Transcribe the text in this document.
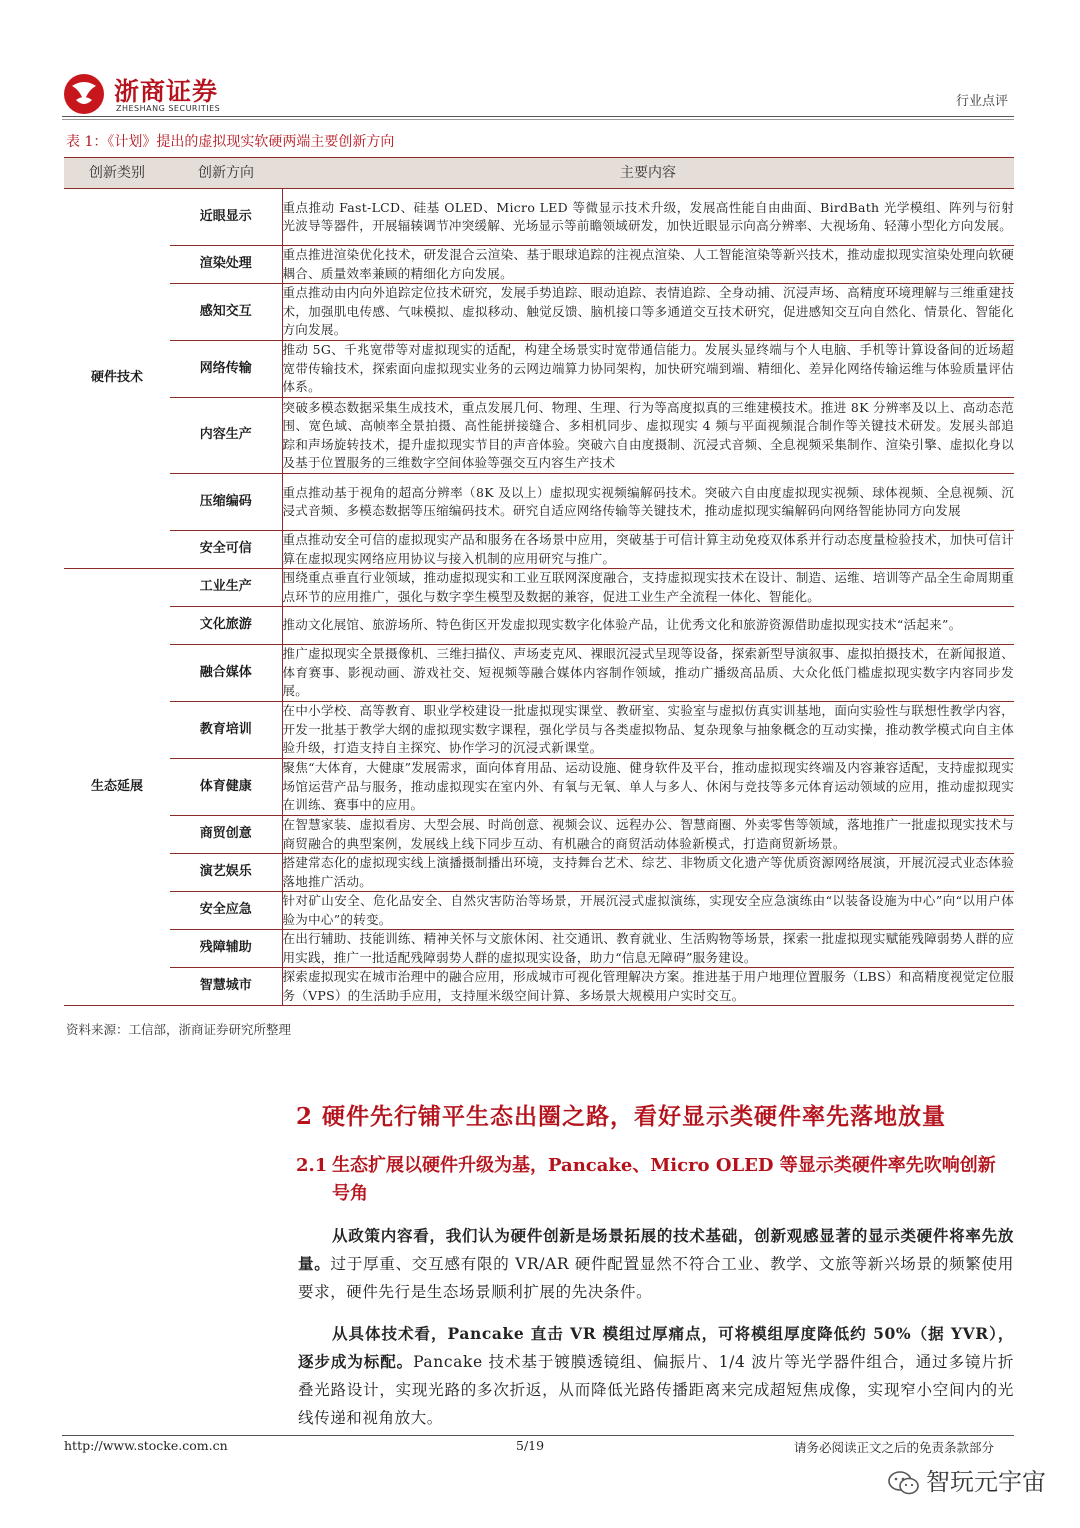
浙商证券
ZHESHANG SECURITIES	行业点评
表 1：《计划》提出的虚拟现实软硬两端主要创新方向
创新类别	创新方向	主要内容
硬件技术	近眼显示	重点推动 Fast-LCD、硅基 OLED、Micro LED 等微显示技术升级，发展高性能自由曲面、BirdBath 光学模组、阵列与衍射光波导等器件，开展辐辏调节冲突缓解、光场显示等前瞻领域研发，加快近眼显示向高分辨率、大视场角、轻薄小型化方向发展。
	渲染处理	重点推进渲染优化技术，研发混合云渲染、基于眼球追踪的注视点渲染、人工智能渲染等新兴技术，推动虚拟现实渲染处理向软硬耦合、质量效率兼顾的精细化方向发展。
	感知交互	重点推动由内向外追踪定位技术研究，发展手势追踪、眼动追踪、表情追踪、全身动捕、沉浸声场、高精度环境理解与三维重建技术，加强肌电传感、气味模拟、虚拟移动、触觉反馈、脑机接口等多通道交互技术研究，促进感知交互向自然化、情景化、智能化方向发展。
	网络传输	推动 5G、千兆宽带等对虚拟现实的适配，构建全场景实时宽带通信能力。发展头显终端与个人电脑、手机等计算设备间的近场超宽带传输技术，探索面向虚拟现实业务的云网边端算力协同架构，加快研究端到端、精细化、差异化网络传输运维与体验质量评估体系。
	内容生产	突破多模态数据采集生成技术，重点发展几何、物理、生理、行为等高度拟真的三维建模技术。推进 8K 分辨率及以上、高动态范围、宽色域、高帧率全景拍摄、高性能拼接缝合、多相机同步、虚拟现实 4 频与平面视频混合制作等关键技术研发。发展头部追踪和声场旋转技术，提升虚拟现实节目的声音体验。突破六自由度摄制、沉浸式音频、全息视频采集制作、渲染引擎、虚拟化身以及基于位置服务的三维数字空间体验等强交互内容生产技术
	压缩编码	重点推动基于视角的超高分辨率（8K 及以上）虚拟现实视频编解码技术。突破六自由度虚拟现实视频、球体视频、全息视频、沉浸式音频、多模态数据等压缩编码技术。研究自适应网络传输等关键技术，推动虚拟现实编解码向网络智能协同方向发展
	安全可信	重点推动安全可信的虚拟现实产品和服务在各场景中应用，突破基于可信计算主动免疫双体系并行动态度量检验技术，加快可信计算在虚拟现实网络应用协议与接入机制的应用研究与推广。
生态延展	工业生产	围绕重点垂直行业领域，推动虚拟现实和工业互联网深度融合，支持虚拟现实技术在设计、制造、运维、培训等产品全生命周期重点环节的应用推广，强化与数字孪生模型及数据的兼容，促进工业生产全流程一体化、智能化。
	文化旅游	推动文化展馆、旅游场所、特色街区开发虚拟现实数字化体验产品，让优秀文化和旅游资源借助虚拟现实技术“活起来”。
	融合媒体	推广虚拟现实全景摄像机、三维扫描仪、声场麦克风、裸眼沉浸式呈现等设备，探索新型导演叙事、虚拟拍摄技术，在新闻报道、体育赛事、影视动画、游戏社交、短视频等融合媒体内容制作领域，推动广播级高品质、大众化低门槛虚拟现实数字内容同步发展。
	教育培训	在中小学校、高等教育、职业学校建设一批虚拟现实课堂、教研室、实验室与虚拟仿真实训基地，面向实验性与联想性教学内容，开发一批基于教学大纲的虚拟现实数字课程，强化学员与各类虚拟物品、复杂现象与抽象概念的互动实操，推动教学模式向自主体验升级，打造支持自主探究、协作学习的沉浸式新课堂。
	体育健康	聚焦“大体育，大健康”发展需求，面向体育用品、运动设施、健身软件及平台，推动虚拟现实终端及内容兼容适配，支持虚拟现实场馆运营产品与服务，推动虚拟现实在室内外、有氧与无氧、单人与多人、休闲与竞技等多元体育运动领域的应用，推动虚拟现实在训练、赛事中的应用。
	商贸创意	在智慧家装、虚拟看房、大型会展、时尚创意、视频会议、远程办公、智慧商圈、外卖零售等领域，落地推广一批虚拟现实技术与商贸融合的典型案例，发展线上线下同步互动、有机融合的商贸活动体验新模式，打造商贸新场景。
	演艺娱乐	搭建常态化的虚拟现实线上演播摄制播出环境，支持舞台艺术、综艺、非物质文化遗产等优质资源网络展演，开展沉浸式业态体验落地推广活动。
	安全应急	针对矿山安全、危化品安全、自然灾害防治等场景，开展沉浸式虚拟演练，实现安全应急演练由“以装备设施为中心”向“以用户体验为中心”的转变。
	残障辅助	在出行辅助、技能训练、精神关怀与文旅休闲、社交通讯、教育就业、生活购物等场景，探索一批虚拟现实赋能残障弱势人群的应用实践，推广一批适配残障弱势人群的虚拟现实设备，助力“信息无障碍”服务建设。
	智慧城市	探索虚拟现实在城市治理中的融合应用，形成城市可视化管理解决方案。推进基于用户地理位置服务（LBS）和高精度视觉定位服务（VPS）的生活助手应用，支持厘米级空间计算、多场景大规模用户实时交互。
资料来源：工信部，浙商证券研究所整理
2 硬件先行铺平生态出圈之路，看好显示类硬件率先落地放量
2.1 生态扩展以硬件升级为基，Pancake、Micro OLED 等显示类硬件率先吹响创新号角
从政策内容看，我们认为硬件创新是场景拓展的技术基础，创新观感显著的显示类硬件将率先放量。过于厚重、交互感有限的 VR/AR 硬件配置显然不符合工业、教学、文旅等新兴场景的频繁使用要求，硬件先行是生态场景顺利扩展的先决条件。
从具体技术看，Pancake 直击 VR 模组过厚痛点，可将模组厚度降低约 50%（据 YVR），逐步成为标配。Pancake 技术基于镀膜透镜组、偏振片、1/4 波片等光学器件组合，通过多镜片折叠光路设计，实现光路的多次折返，从而降低光路传播距离来完成超短焦成像，实现窄小空间内的光线传递和视角放大。
http://www.stocke.com.cn	5/19	请务必阅读正文之后的免责条款部分
智玩元宇宙
